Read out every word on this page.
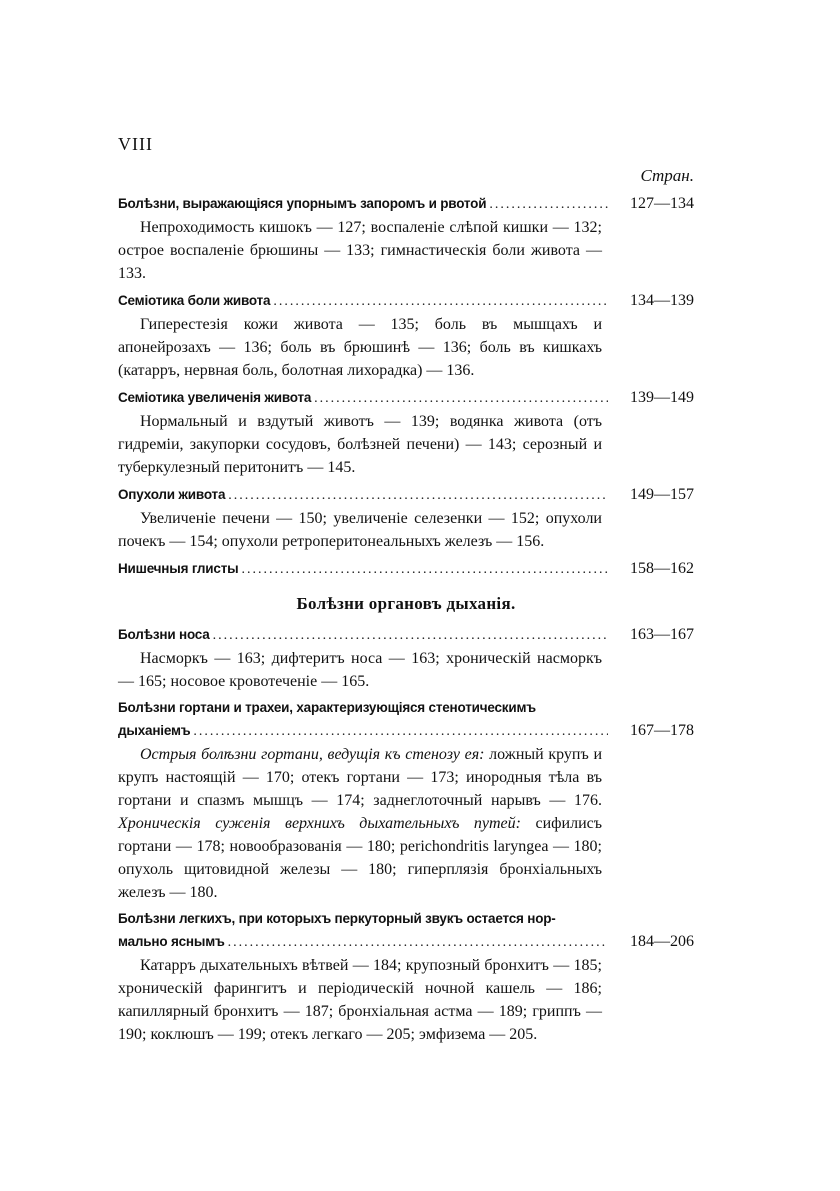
VIII
Стран.
Болѣзни, выражающіяся упорнымъ запоромъ и рвотой .....	127—134

Непроходимость кишокъ — 127; воспаленіе слѣпой кишки — 132; острое воспаленіе брюшины — 133; гимнастическія боли живота — 133.

Семіотика боли живота .....	134—139

Гиперестезія кожи живота — 135; боль въ мышцахъ и апонейрозахъ — 136; боль въ брюшинѣ — 136; боль въ кишкахъ (катарръ, нервная боль, болотная лихорадка) — 136.

Семіотика увеличенія живота .....	139—149

Нормальный и вздутый животъ — 139; водянка живота (отъ гидреміи, закупорки сосудовъ, болѣзней печени) — 143; серозный и туберкулезный перитонитъ — 145.

Опухоли живота .....	149—157

Увеличеніе печени — 150; увеличеніе селезенки — 152; опухоли почекъ — 154; опухоли ретроперитонеальныхъ железъ — 156.

Нишечныя глисты .....	158—162
Болѣзни органовъ дыханія.
Болѣзни носа .....	163—167

Насморкъ — 163; дифтеритъ носа — 163; хроническій насморкъ — 165; носовое кровотеченіе — 165.

Болѣзни гортани и трахеи, характеризующіяся стенотическимъ
дыханіемъ .....	167—178

Острыя болѣзни гортани, ведущія къ стенозу ея: ложный крупъ и крупъ настоящій — 170; отекъ гортани — 173; инородныя тѣла въ гортани и спазмъ мышцъ — 174; заднеглоточный нарывъ — 176. Хроническія суженія верхнихъ дыхательныхъ путей: сифилисъ гортани — 178; новообразованія — 180; perichondritis laryngea — 180; опухоль щитовидной железы — 180; гиперплязія бронхіальныхъ железъ — 180.

Болѣзни легкихъ, при которыхъ перкуторный звукъ остается нор-
мально яснымъ .....	184—206

Катарръ дыхательныхъ вѣтвей — 184; крупозный бронхитъ — 185; хроническій фарингитъ и періодическій ночной кашель — 186; капиллярный бронхитъ — 187; бронхіальная астма — 189; гриппъ — 190; коклюшъ — 199; отекъ легкаго — 205; эмфизема — 205.
